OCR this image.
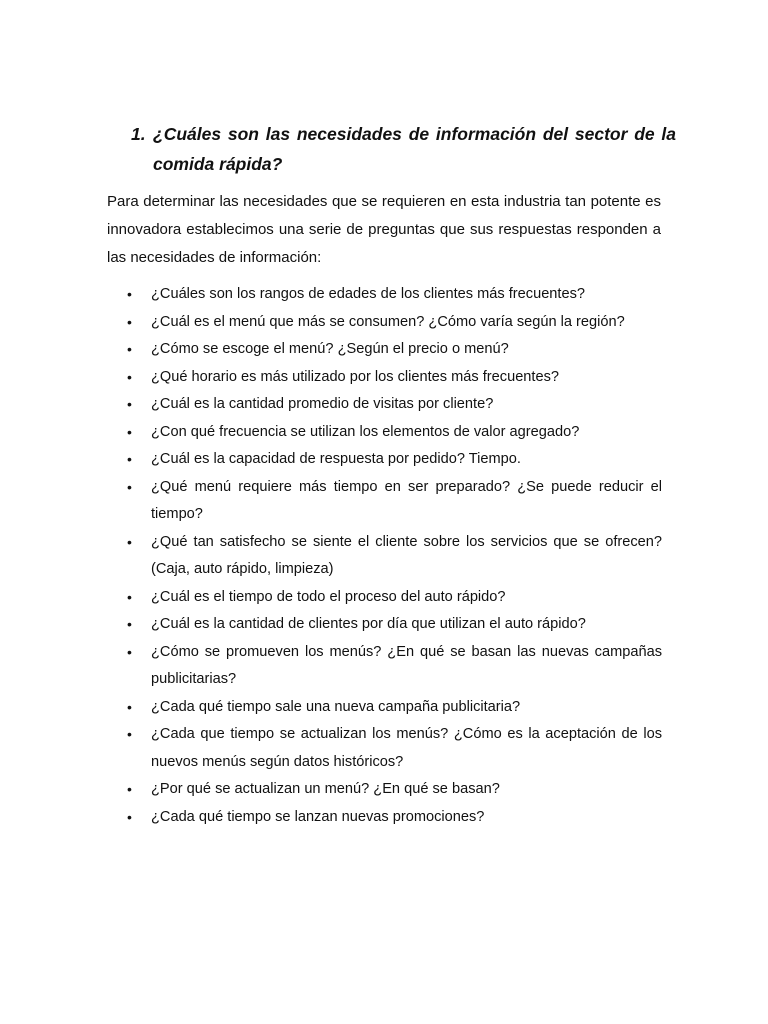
1. ¿Cuáles son las necesidades de información del sector de la comida rápida?

Para determinar las necesidades que se requieren en esta industria tan potente es innovadora establecimos una serie de preguntas que sus respuestas responden a las necesidades de información:

•	¿Cuáles son los rangos de edades de los clientes más frecuentes?
•	¿Cuál es el menú que más se consumen? ¿Cómo varía según la región?
•	¿Cómo se escoge el menú? ¿Según el precio o menú?
•	¿Qué horario es más utilizado por los clientes más frecuentes?
•	¿Cuál es la cantidad promedio de visitas por cliente?
•	¿Con qué frecuencia se utilizan los elementos de valor agregado?
•	¿Cuál es la capacidad de respuesta por pedido? Tiempo.
•	¿Qué menú requiere más tiempo en ser preparado? ¿Se puede reducir el tiempo?
•	¿Qué tan satisfecho se siente el cliente sobre los servicios que se ofrecen? (Caja, auto rápido, limpieza)
•	¿Cuál es el tiempo de todo el proceso del auto rápido?
•	¿Cuál es la cantidad de clientes por día que utilizan el auto rápido?
•	¿Cómo se promueven los menús? ¿En qué se basan las nuevas campañas publicitarias?
•	¿Cada qué tiempo sale una nueva campaña publicitaria?
•	¿Cada que tiempo se actualizan los menús? ¿Cómo es la aceptación de los nuevos menús según datos históricos?
•	¿Por qué se actualizan un menú? ¿En qué se basan?
•	¿Cada qué tiempo se lanzan nuevas promociones?
